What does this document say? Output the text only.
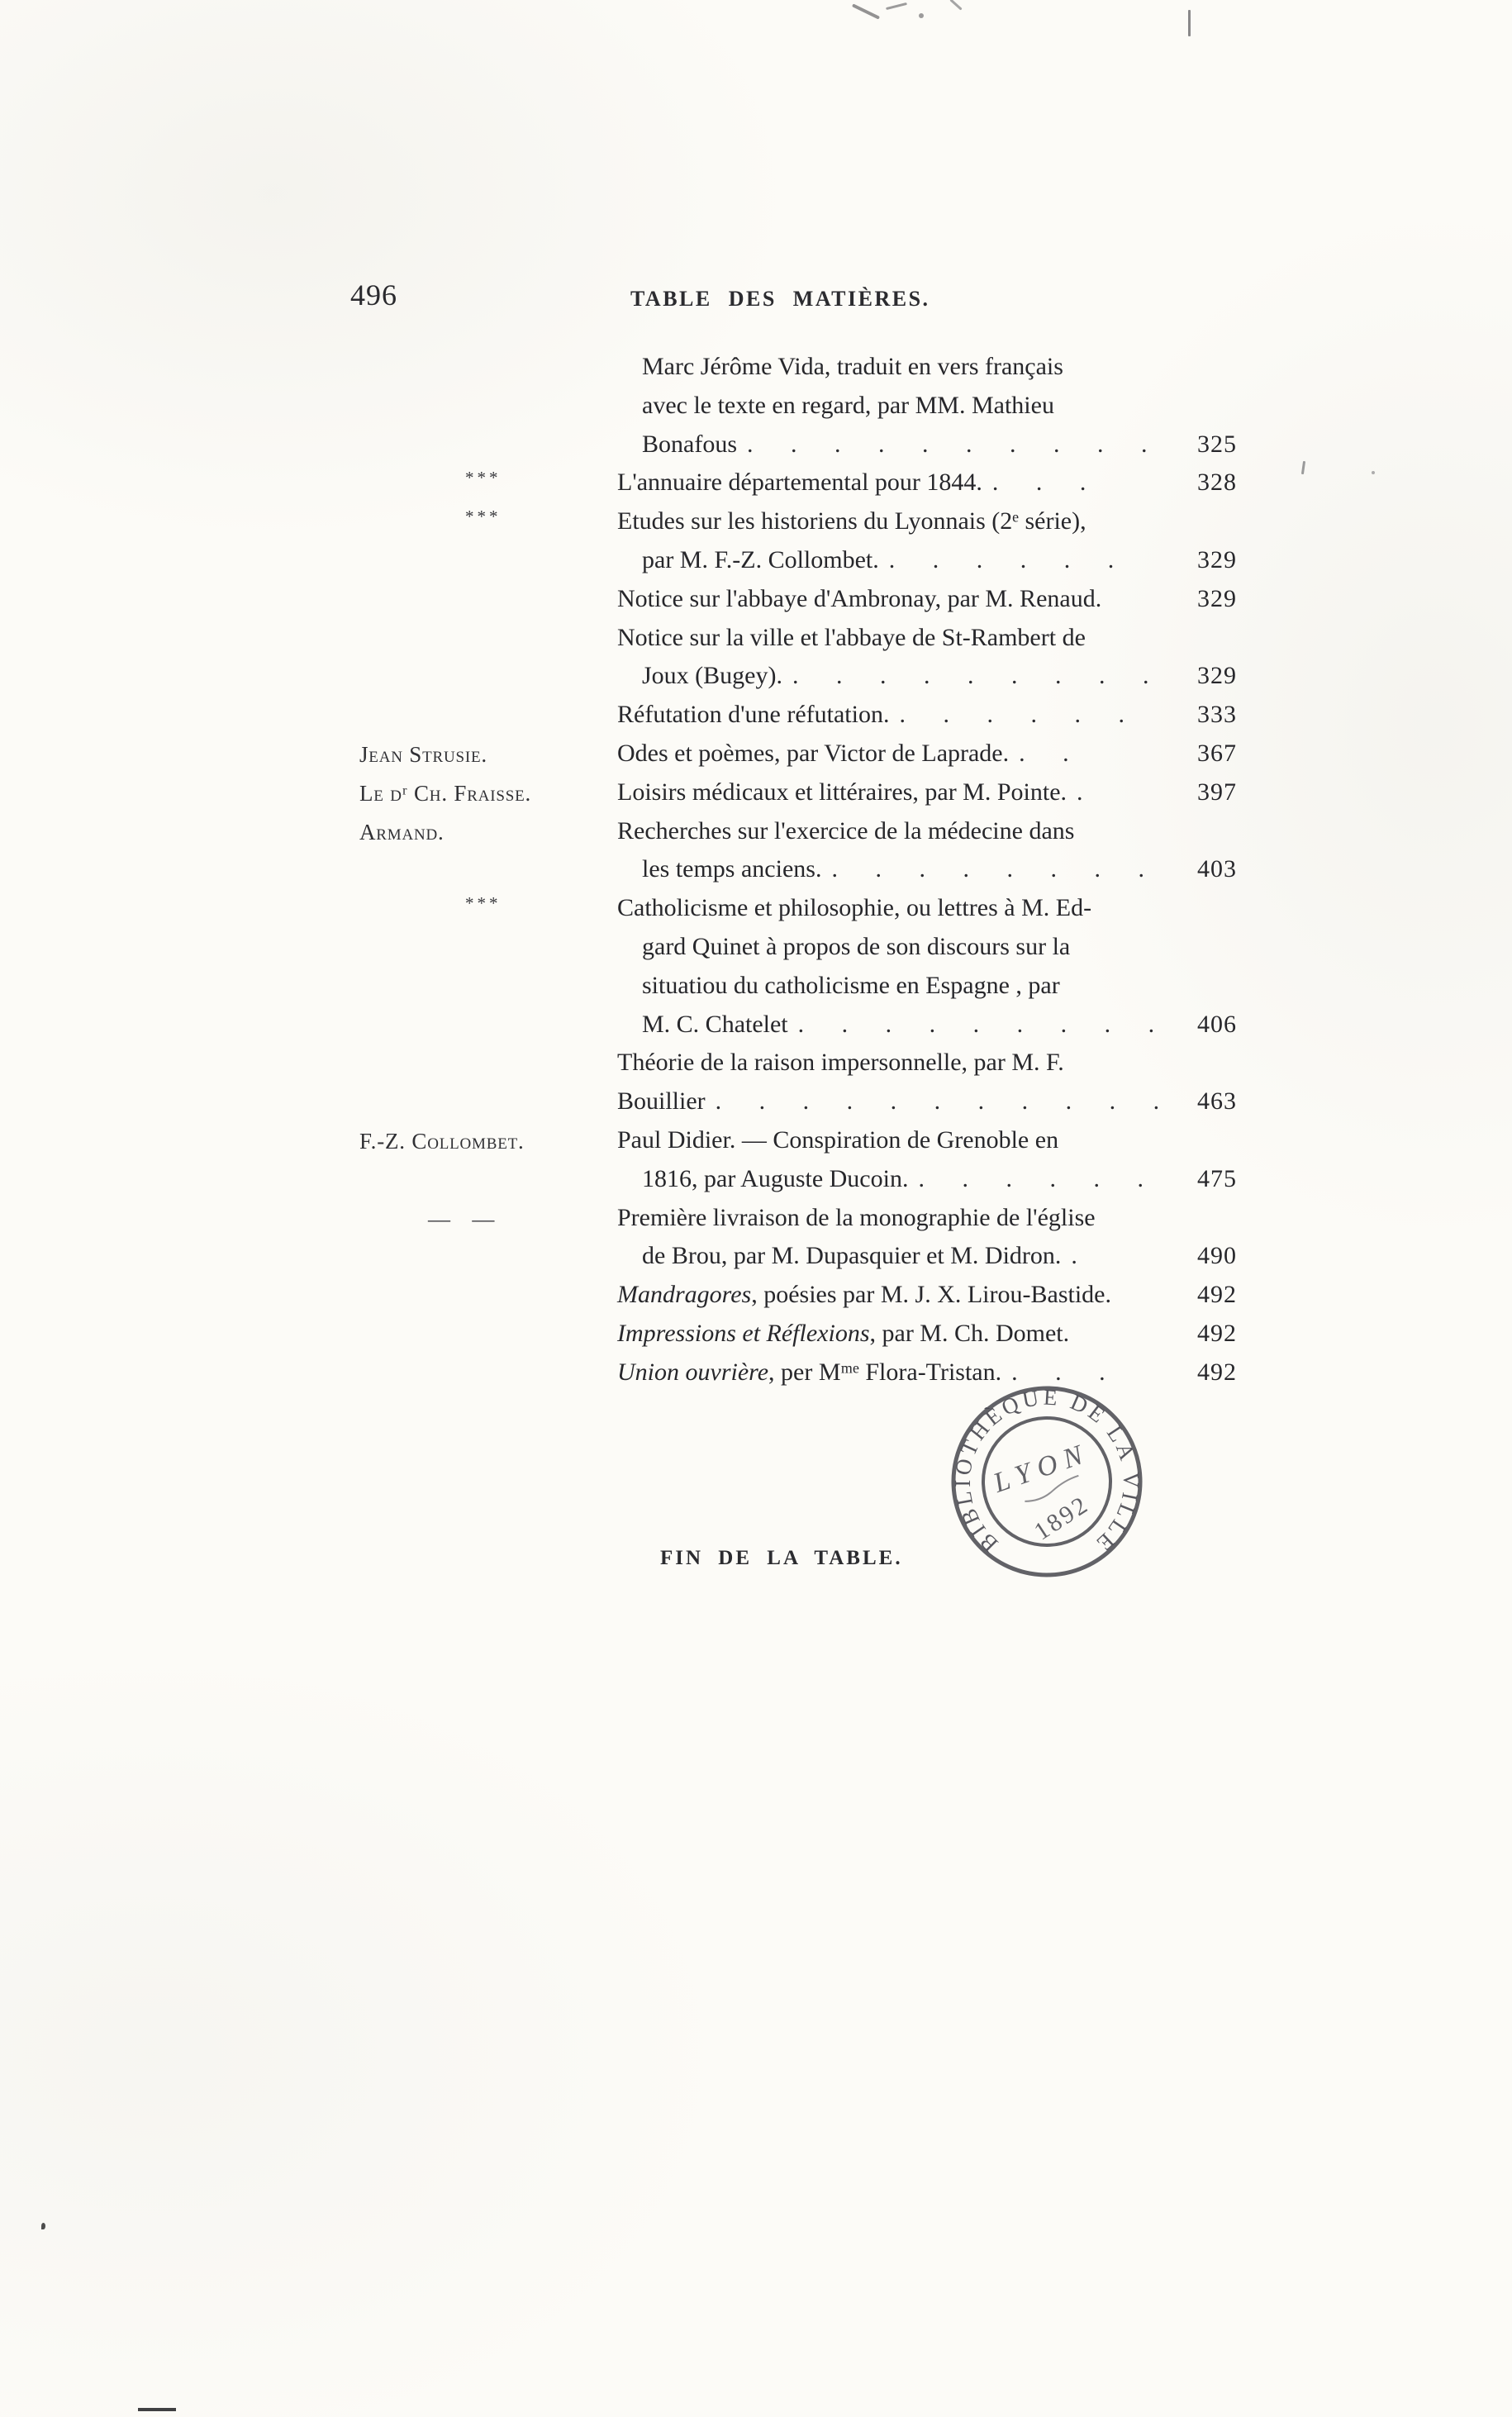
496	TABLE DES MATIÈRES.
Marc Jérôme Vida, traduit en vers français
avec le texte en regard, par MM. Mathieu
Bonafous . . . . . . . . . . 325
***	L'annuaire départemental pour 1844. . . .	328
***	Etudes sur les historiens du Lyonnais (2ᵉ série),
par M. F.-Z. Collombet. . . . . . .	329
Notice sur l'abbaye d'Ambronay, par M. Renaud.	329
Notice sur la ville et l'abbaye de St-Rambert de
Joux (Bugey). . . . . . . . . . 329
Réfutation d'une réfutation. . . . . . .	333
Jean Strusie.	Odes et poèmes, par Victor de Laprade. . .	367
Le dʳ Ch. Fraisse.	Loisirs médicaux et littéraires, par M. Pointe. .	397
Armand.	Recherches sur l'exercice de la médecine dans
les temps anciens. . . . . . . . . 403
***	Catholicisme et philosophie, ou lettres à M. Ed-
gard Quinet à propos de son discours sur la
situatiou du catholicisme en Espagne , par
M. C. Chatelet . . . . . . . . . 406
Théorie de la raison impersonnelle, par M. F.
Bouillier . . . . . . . . . . . 463
F.-Z. Collombet.	Paul Didier. — Conspiration de Grenoble en
1816, par Auguste Ducoin. . . . . . . 475
— —	Première livraison de la monographie de l'église
de Brou, par M. Dupasquier et M. Didron. .	490
Mandragores, poésies par M. J. X. Lirou-Bastide.	492
Impressions et Réflexions, par M. Ch. Domet.	492
Union ouvrière, per Mᵐᵉ Flora-Tristan. . . .	492
FIN DE LA TABLE.
BIBLIOTHÈQUE DE LA VILLE
LYON
1892
